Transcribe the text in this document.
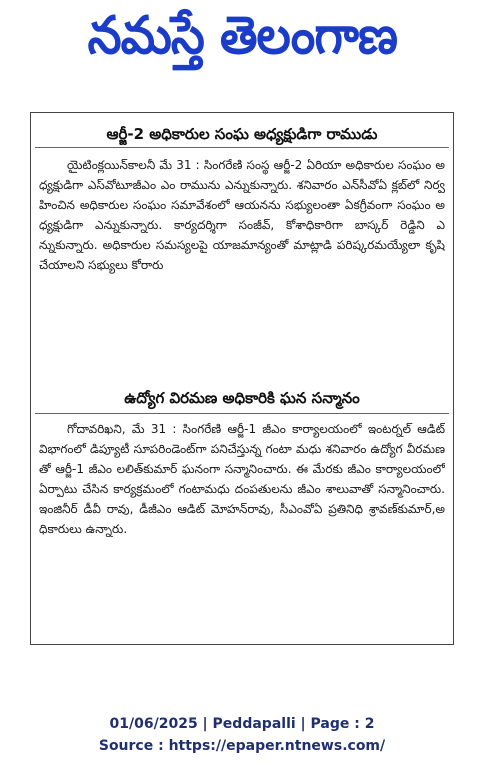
నమస్తే తెలంగాణ
ఆర్జీ-2 అధికారుల సంఘ అధ్యక్షుడిగా రాముడు

యైటింక్లయిన్‌కాలనీ మే 31 : సింగరేణి సంస్థ ఆర్జీ-2 ఏరియా అధికారుల సంఘం అధ్యక్షుడిగా ఎస్‌వోటూజీఎం ఎం రామును ఎన్నుకున్నారు. శనివారం ఎన్‌సీవోఏ క్లబ్‌లో నిర్వహించిన అధికారుల సంఘం సమావేశంలో ఆయనను సభ్యులంతా ఏకగ్రీవంగా సంఘం అధ్యక్షుడిగా ఎన్నుకున్నారు. కార్యదర్శిగా సంజీవ్‌, కోశాధికారిగా బాస్కర్‌ రెడ్డిని ఎన్నుకున్నారు. అధికారుల సమస్యలపై యాజమాన్యంతో మాట్లాడి పరిష్కరమయ్యేలా కృషి చేయాలని సభ్యులు కోరారు

ఉద్యోగ విరమణ అధికారికి ఘన సన్మానం

గోదావరిఖని, మే 31 : సింగరేణి ఆర్జీ-1 జీఎం కార్యాలయంలో ఇంటర్నల్‌ ఆడిట్‌ విభాగంలో డిప్యూటీ సూపరిండెంట్‌గా పనిచేస్తున్న గంటా మధు శనివారం ఉద్యోగ వీరమణతో ఆర్జీ-1 జీఎం లలిత్‌కుమార్‌ ఘనంగా సన్మానించారు. ఈ మేరకు జీఎం కార్యాలయంలో ఏర్పాటు చేసిన కార్యక్రమంలో గంటామధు దంపతులను జీఎం శాలువాతో సన్మానించారు. ఇంజినీర్‌ డీవీ రావు, డీజీఎం ఆడిట్‌ మోహన్‌రావు, సీఎంవోఏ ప్రతినిధి శ్రావణ్‌కుమార్‌,అధికారులు ఉన్నారు.

01/06/2025 | Peddapalli | Page : 2
Source : https://epaper.ntnews.com/
